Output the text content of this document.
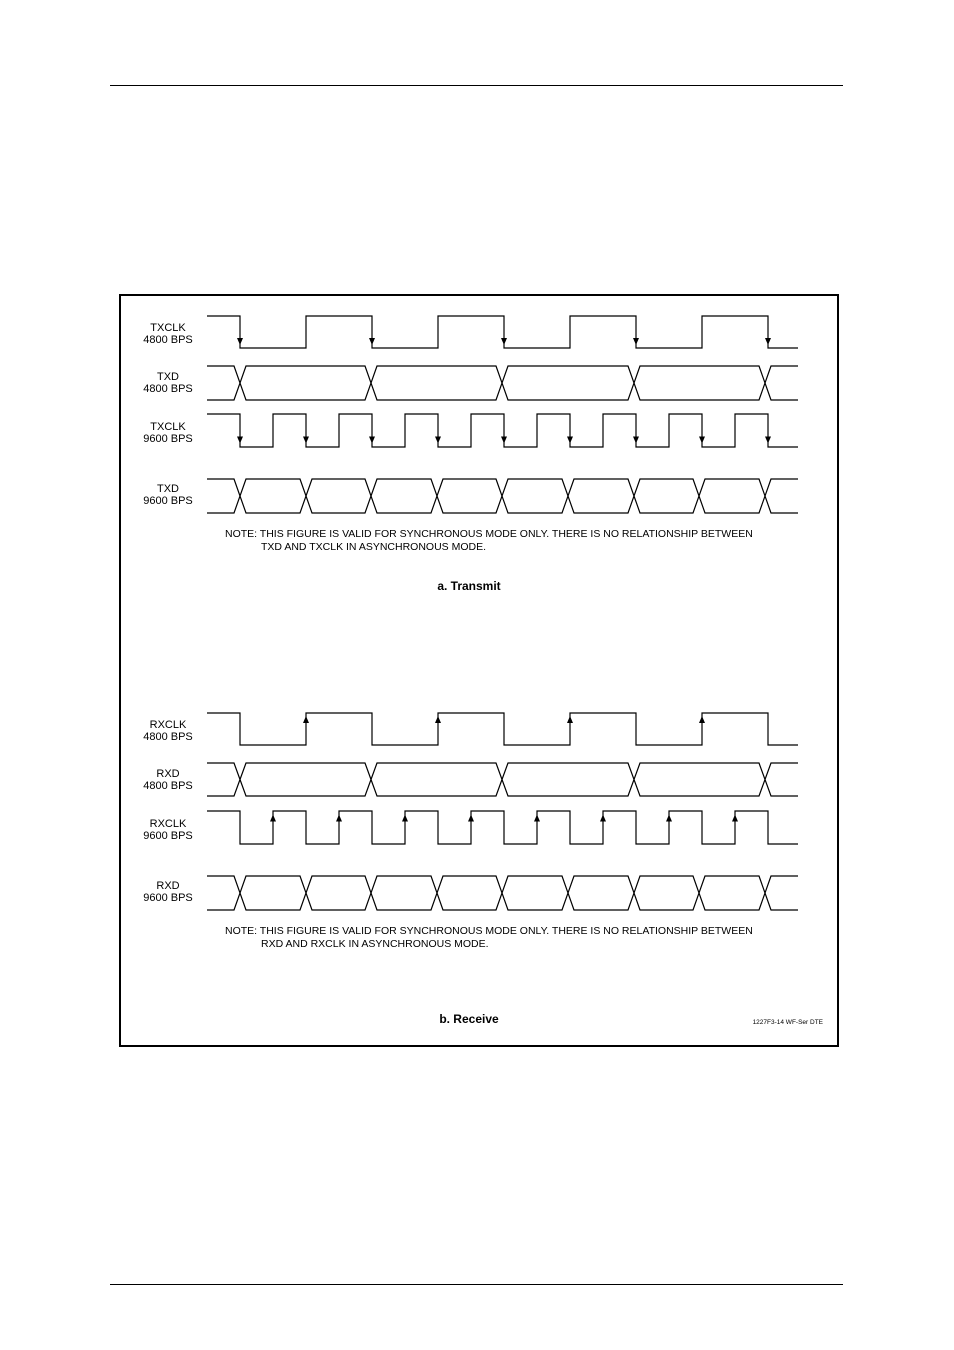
TXCLK
4800 BPS
TXD
4800 BPS
TXCLK
9600 BPS
TXD
9600 BPS
NOTE: THIS FIGURE IS VALID FOR SYNCHRONOUS MODE ONLY. THERE IS NO RELATIONSHIP BETWEEN
TXD AND TXCLK IN ASYNCHRONOUS MODE.
a. Transmit
RXCLK
4800 BPS
RXD
4800 BPS
RXCLK
9600 BPS
RXD
9600 BPS
NOTE: THIS FIGURE IS VALID FOR SYNCHRONOUS MODE ONLY. THERE IS NO RELATIONSHIP BETWEEN
RXD AND RXCLK IN ASYNCHRONOUS MODE.
b. Receive	1227F3-14 WF-Ser DTE
